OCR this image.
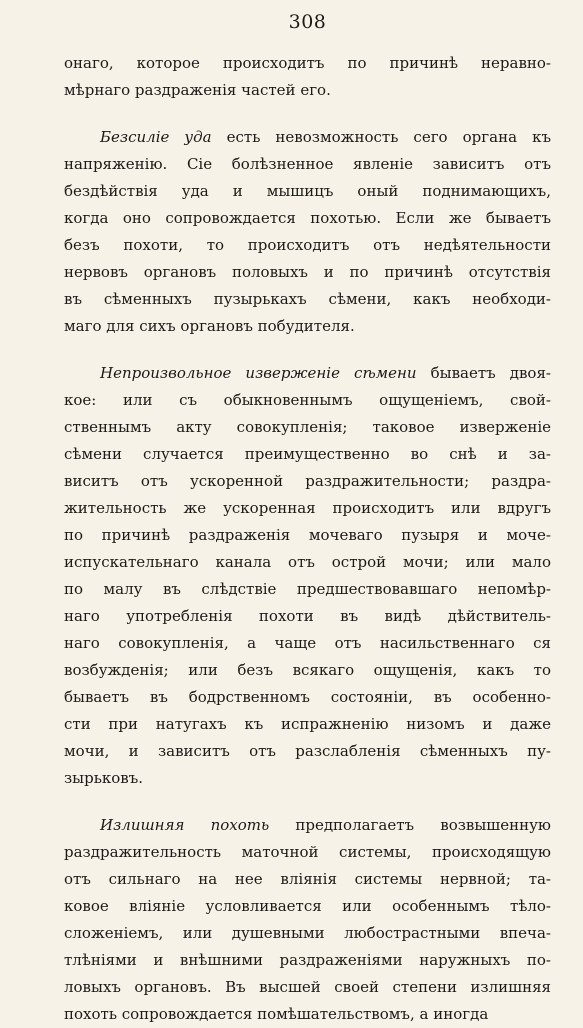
308
онаго, которое происходитъ по причинѣ неравно-
мѣрнаго раздраженія частей его.
Безсиліе уда есть невозможность сего органа къ
напряженію. Сіе болѣзненное явленіе зависитъ отъ
бездѣйствія уда и мышицъ оный поднимающихъ,
когда оно сопровождается похотью. Если же бываетъ
безъ похоти, то происходитъ отъ недѣятельности
нервовъ органовъ половыхъ и по причинѣ отсутствія
въ сѣменныхъ пузырькахъ сѣмени, какъ необходи-
маго для сихъ органовъ побудителя.
Непроизвольное изверженіе сѣмени бываетъ двоя-
кое: или съ обыкновеннымъ ощущеніемъ, свой-
ственнымъ акту совокупленія; таковое изверженіе
сѣмени случается преимущественно во снѣ и за-
виситъ отъ ускоренной раздражительности; раздра-
жительность же ускоренная происходитъ или вдругъ
по причинѣ раздраженія мочеваго пузыря и моче-
испускательнаго канала отъ острой мочи; или мало
по малу въ слѣдствіе предшествовавшаго непомѣр-
наго употребленія похоти въ видѣ дѣйствитель-
наго совокупленія, а чаще отъ насильственнаго ся
возбужденія; или безъ всякаго ощущенія, какъ то
бываетъ въ бодрственномъ состояніи, въ особенно-
сти при натугахъ къ испражненію низомъ и даже
мочи, и зависитъ отъ разслабленія сѣменныхъ пу-
зырьковъ.
Излишняя похоть предполагаетъ возвышенную
раздражительность маточной системы, происходящую
отъ сильнаго на нее вліянія системы нервной; та-
ковое вліяніе условливается или особеннымъ тѣло-
сложеніемъ, или душевными любострастными впеча-
тлѣніями и внѣшними раздраженіями наружныхъ по-
ловыхъ органовъ. Въ высшей своей степени излишняя
похоть сопровождается помѣшательствомъ, а иногда
